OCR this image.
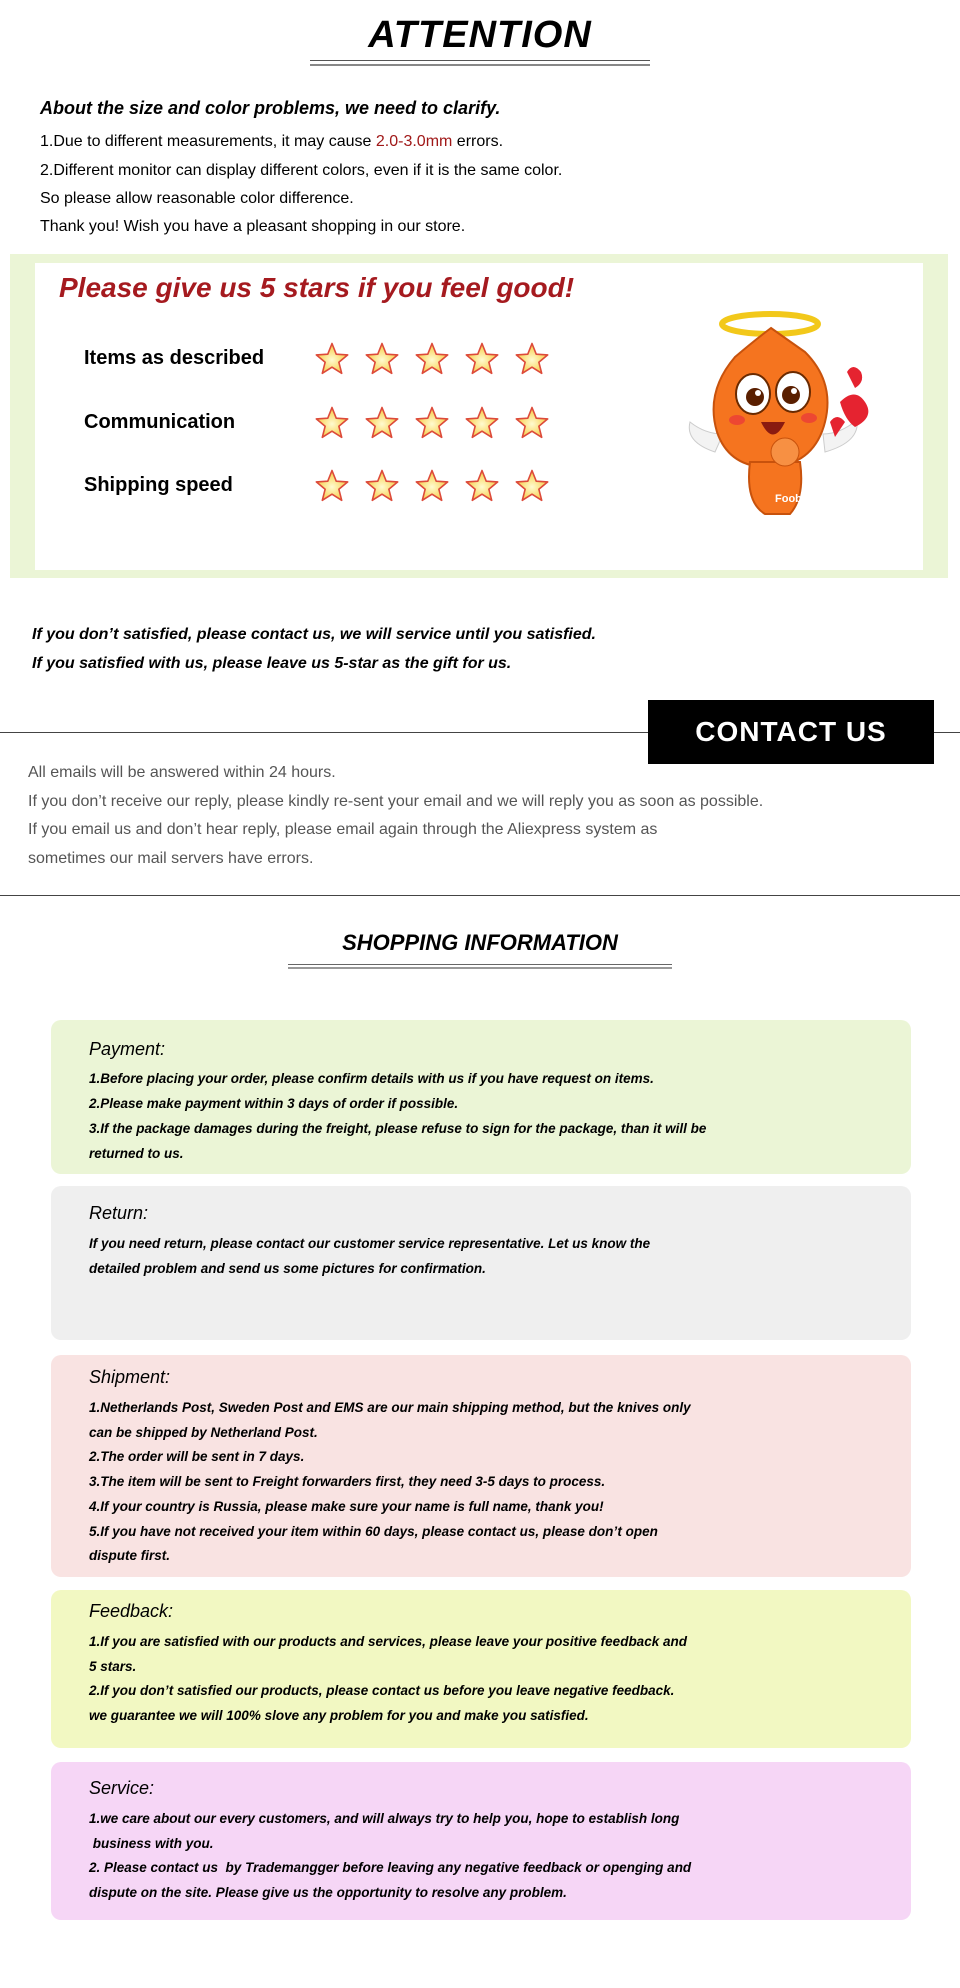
ATTENTION
About the size and color problems, we need to clarify.
1.Due to different measurements, it may cause 2.0-3.0mm errors.
2.Different monitor can display different colors, even if it is the same color.
So please allow reasonable color difference.
Thank you! Wish you have a pleasant shopping in our store.
Please give us 5 stars if you feel good!
Items as described
Communication
Shipping speed
Fooba
If you don’t satisfied, please contact us, we will service until you satisfied.
If you satisfied with us, please leave us 5-star as the gift for us.
CONTACT US
All emails will be answered within 24 hours.
If you don’t receive our reply, please kindly re-sent your email and we will reply you as soon as possible.
If you email us and don’t hear reply, please email again through the Aliexpress system as
sometimes our mail servers have errors.
SHOPPING INFORMATION
Payment:
1.Before placing your order, please confirm details with us if you have request on items.
2.Please make payment within 3 days of order if possible.
3.If the package damages during the freight, please refuse to sign for the package, than it will be
returned to us.
Return:
If you need return, please contact our customer service representative. Let us know the
detailed problem and send us some pictures for confirmation.
Shipment:
1.Netherlands Post, Sweden Post and EMS are our main shipping method, but the knives only
can be shipped by Netherland Post.
2.The order will be sent in 7 days.
3.The item will be sent to Freight forwarders first, they need 3-5 days to process.
4.If your country is Russia, please make sure your name is full name, thank you!
5.If you have not received your item within 60 days, please contact us, please don’t open
dispute first.
Feedback:
1.If you are satisfied with our products and services, please leave your positive feedback and
5 stars.
2.If you don’t satisfied our products, please contact us before you leave negative feedback.
we guarantee we will 100% slove any problem for you and make you satisfied.
Service:
1.we care about our every customers, and will always try to help you, hope to establish long
business with you.
2. Please contact us  by Trademangger before leaving any negative feedback or openging and
dispute on the site. Please give us the opportunity to resolve any problem.
